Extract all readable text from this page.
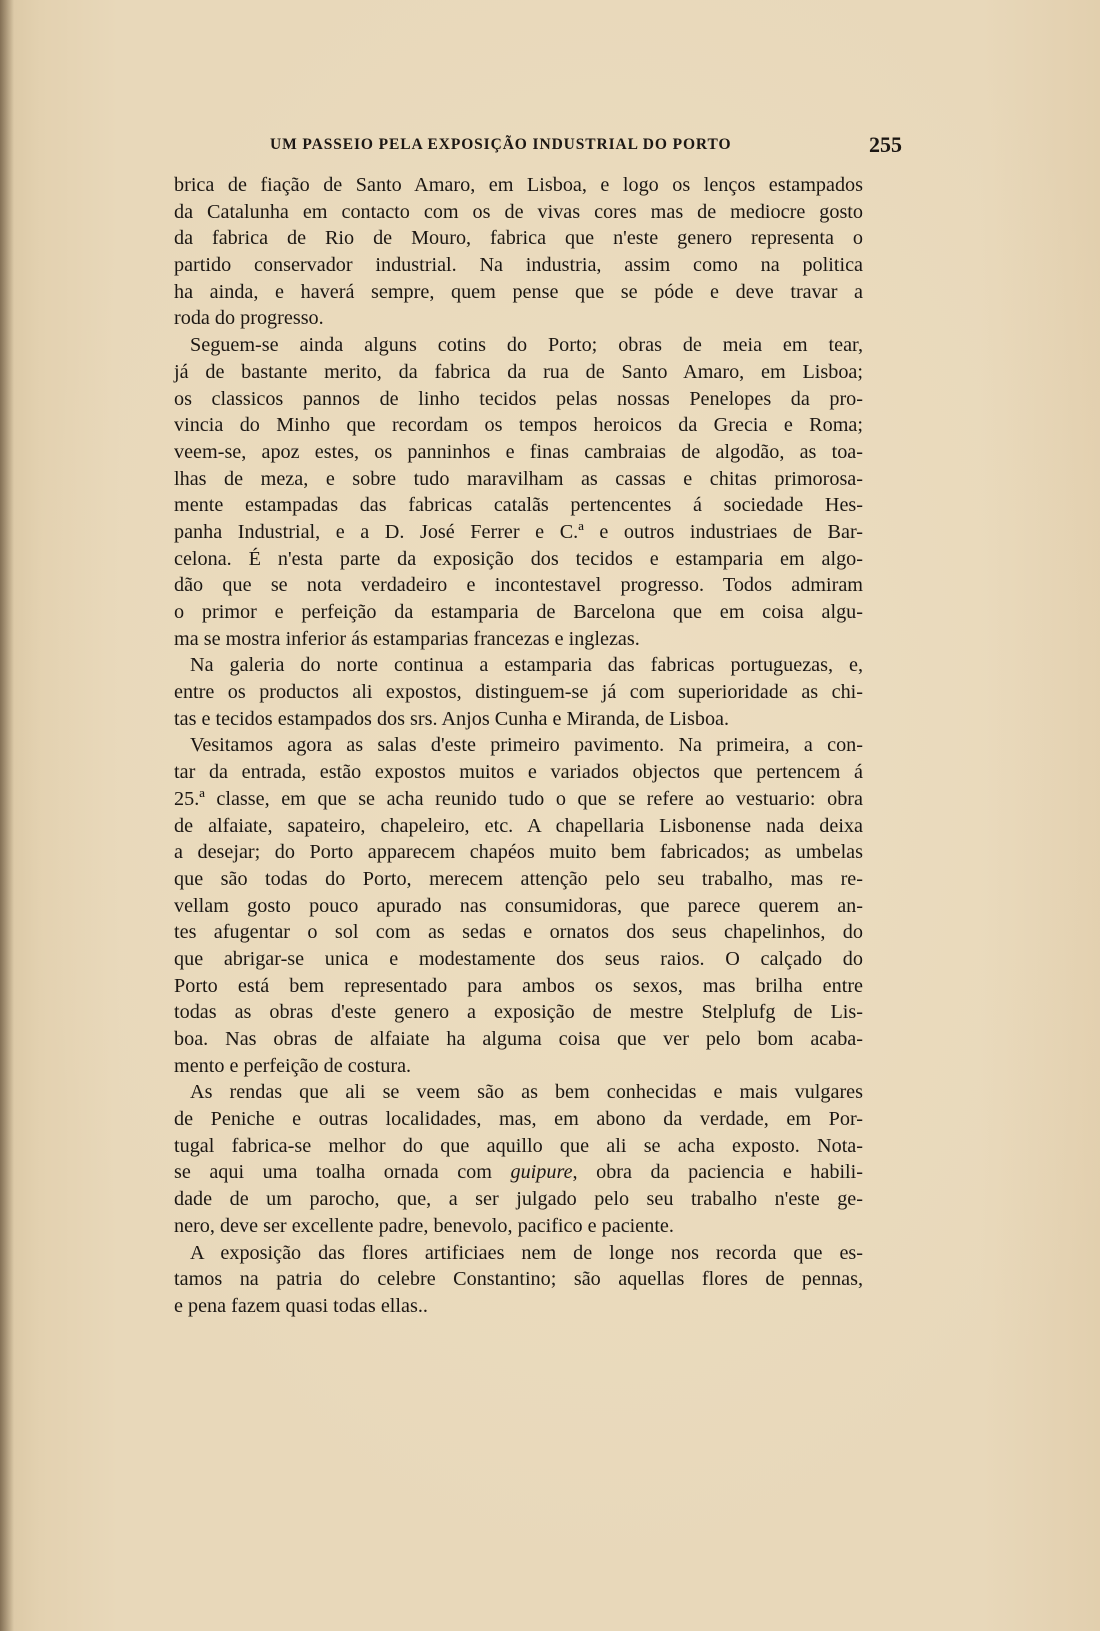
UM PASSEIO PELA EXPOSIÇÃO INDUSTRIAL DO PORTO	255
brica de fiação de Santo Amaro, em Lisboa, e logo os lenços estampados
da Catalunha em contacto com os de vivas cores mas de mediocre gosto
da fabrica de Rio de Mouro, fabrica que n'este genero representa o
partido conservador industrial. Na industria, assim como na politica
ha ainda, e haverá sempre, quem pense que se póde e deve travar a
roda do progresso.
Seguem-se ainda alguns cotins do Porto; obras de meia em tear,
já de bastante merito, da fabrica da rua de Santo Amaro, em Lisboa;
os classicos pannos de linho tecidos pelas nossas Penelopes da pro-
vincia do Minho que recordam os tempos heroicos da Grecia e Roma;
veem-se, apoz estes, os panninhos e finas cambraias de algodão, as toa-
lhas de meza, e sobre tudo maravilham as cassas e chitas primorosa-
mente estampadas das fabricas catalãs pertencentes á sociedade Hes-
panha Industrial, e a D. José Ferrer e C.ª e outros industriaes de Bar-
celona. É n'esta parte da exposição dos tecidos e estamparia em algo-
dão que se nota verdadeiro e incontestavel progresso. Todos admiram
o primor e perfeição da estamparia de Barcelona que em coisa algu-
ma se mostra inferior ás estamparias francezas e inglezas.
Na galeria do norte continua a estamparia das fabricas portuguezas, e,
entre os productos ali expostos, distinguem-se já com superioridade as chi-
tas e tecidos estampados dos srs. Anjos Cunha e Miranda, de Lisboa.
Vesitamos agora as salas d'este primeiro pavimento. Na primeira, a con-
tar da entrada, estão expostos muitos e variados objectos que pertencem á
25.ª classe, em que se acha reunido tudo o que se refere ao vestuario: obra
de alfaiate, sapateiro, chapeleiro, etc. A chapellaria Lisbonense nada deixa
a desejar; do Porto apparecem chapéos muito bem fabricados; as umbelas
que são todas do Porto, merecem attenção pelo seu trabalho, mas re-
vellam gosto pouco apurado nas consumidoras, que parece querem an-
tes afugentar o sol com as sedas e ornatos dos seus chapelinhos, do
que abrigar-se unica e modestamente dos seus raios. O calçado do
Porto está bem representado para ambos os sexos, mas brilha entre
todas as obras d'este genero a exposição de mestre Stelplufg de Lis-
boa. Nas obras de alfaiate ha alguma coisa que ver pelo bom acaba-
mento e perfeição de costura.
As rendas que ali se veem são as bem conhecidas e mais vulgares
de Peniche e outras localidades, mas, em abono da verdade, em Por-
tugal fabrica-se melhor do que aquillo que ali se acha exposto. Nota-
se aqui uma toalha ornada com guipure, obra da paciencia e habili-
dade de um parocho, que, a ser julgado pelo seu trabalho n'este ge-
nero, deve ser excellente padre, benevolo, pacifico e paciente.
A exposição das flores artificiaes nem de longe nos recorda que es-
tamos na patria do celebre Constantino; são aquellas flores de pennas,
e pena fazem quasi todas ellas..
